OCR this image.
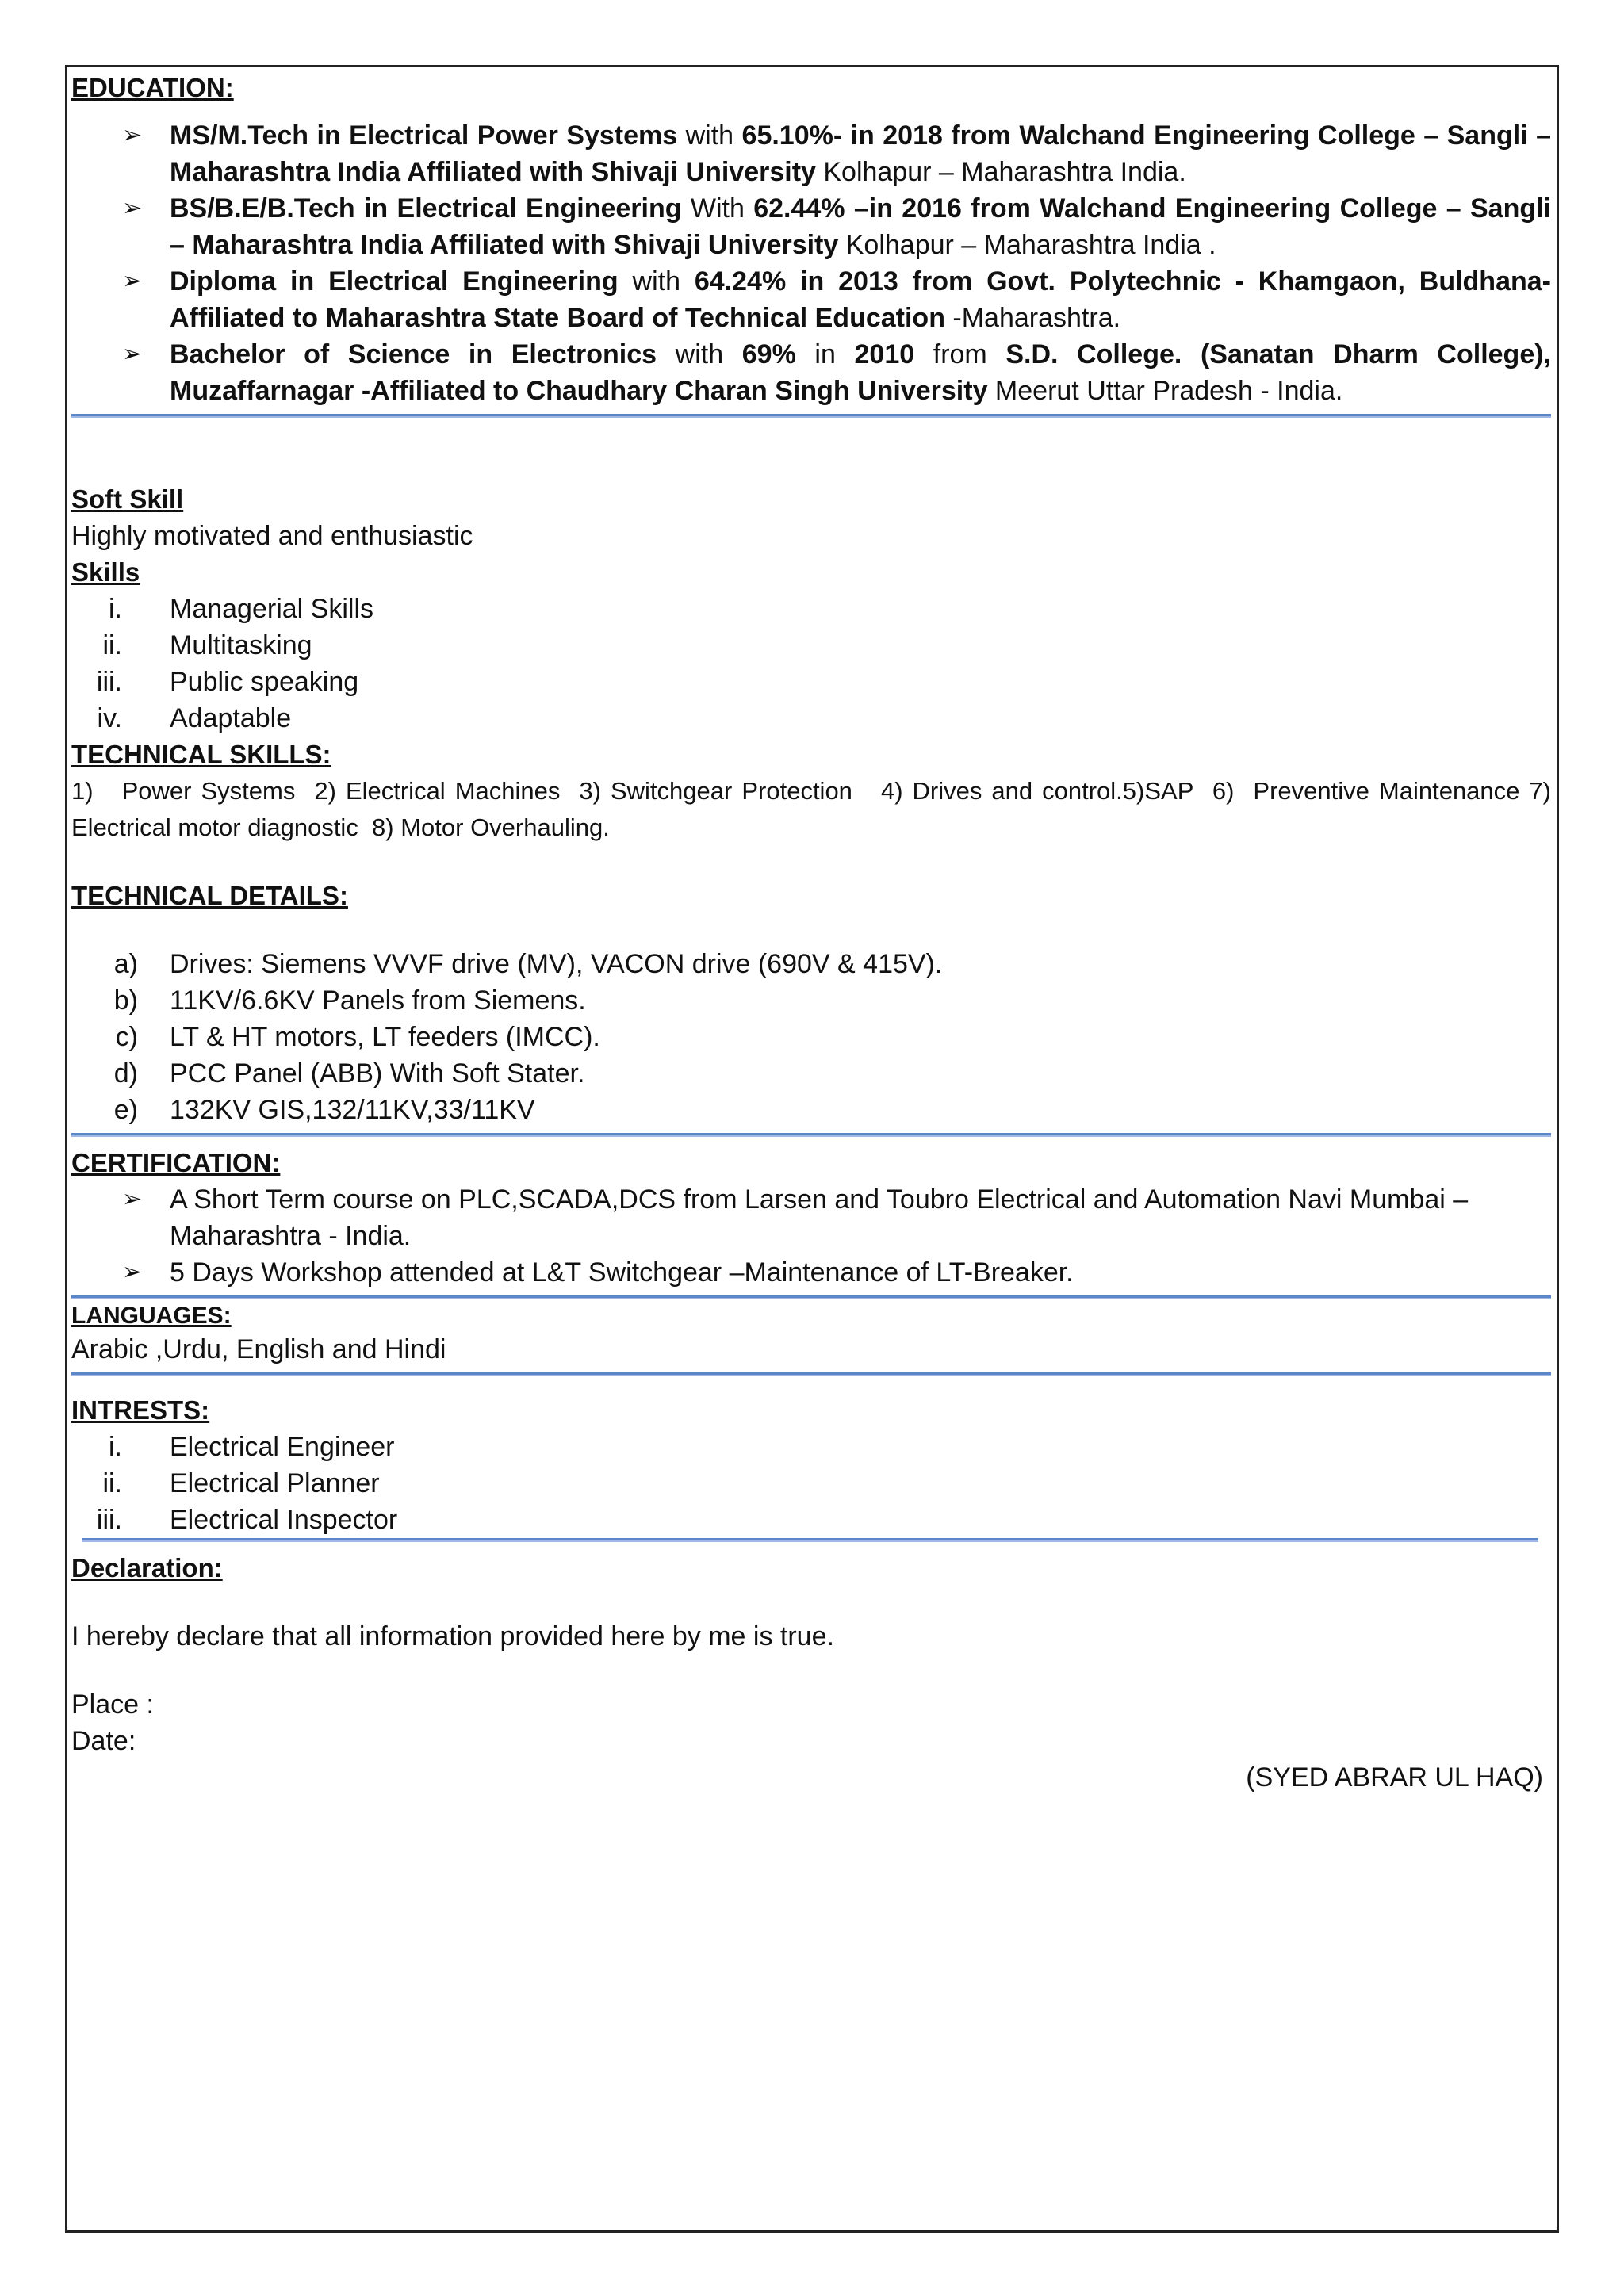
EDUCATION:

➢ MS/M.Tech in Electrical Power Systems with 65.10%- in 2018 from Walchand Engineering College – Sangli – Maharashtra India Affiliated with Shivaji University Kolhapur – Maharashtra India.
➢ BS/B.E/B.Tech in Electrical Engineering With 62.44% –in 2016 from Walchand Engineering College – Sangli – Maharashtra India Affiliated with Shivaji University Kolhapur – Maharashtra India .
➢ Diploma in Electrical Engineering with 64.24% in 2013 from Govt. Polytechnic - Khamgaon, Buldhana- Affiliated to Maharashtra State Board of Technical Education -Maharashtra.
➢ Bachelor of Science in Electronics with 69% in 2010 from S.D. College. (Sanatan Dharm College), Muzaffarnagar -Affiliated to Chaudhary Charan Singh University Meerut Uttar Pradesh - India.

Soft Skill

Highly motivated and enthusiastic

Skills

i. Managerial Skills
ii. Multitasking
iii. Public speaking
iv. Adaptable

TECHNICAL SKILLS:

1)   Power Systems  2) Electrical Machines  3) Switchgear Protection   4) Drives and control.5)SAP  6)  Preventive Maintenance 7) Electrical motor diagnostic  8) Motor Overhauling.

TECHNICAL DETAILS:

a) Drives: Siemens VVVF drive (MV), VACON drive (690V & 415V).
b) 11KV/6.6KV Panels from Siemens.
c) LT & HT motors, LT feeders (IMCC).
d) PCC Panel (ABB) With Soft Stater.
e) 132KV GIS,132/11KV,33/11KV

CERTIFICATION:

➢ A Short Term course on PLC,SCADA,DCS from Larsen and Toubro Electrical and Automation Navi Mumbai – Maharashtra - India.
➢ 5 Days Workshop attended at L&T Switchgear –Maintenance of LT-Breaker.

LANGUAGES:

Arabic ,Urdu, English and Hindi

INTRESTS:

i. Electrical Engineer
ii. Electrical Planner
iii. Electrical Inspector

Declaration:

I hereby declare that all information provided here by me is true.
Place :
Date:
(SYED ABRAR UL HAQ)
